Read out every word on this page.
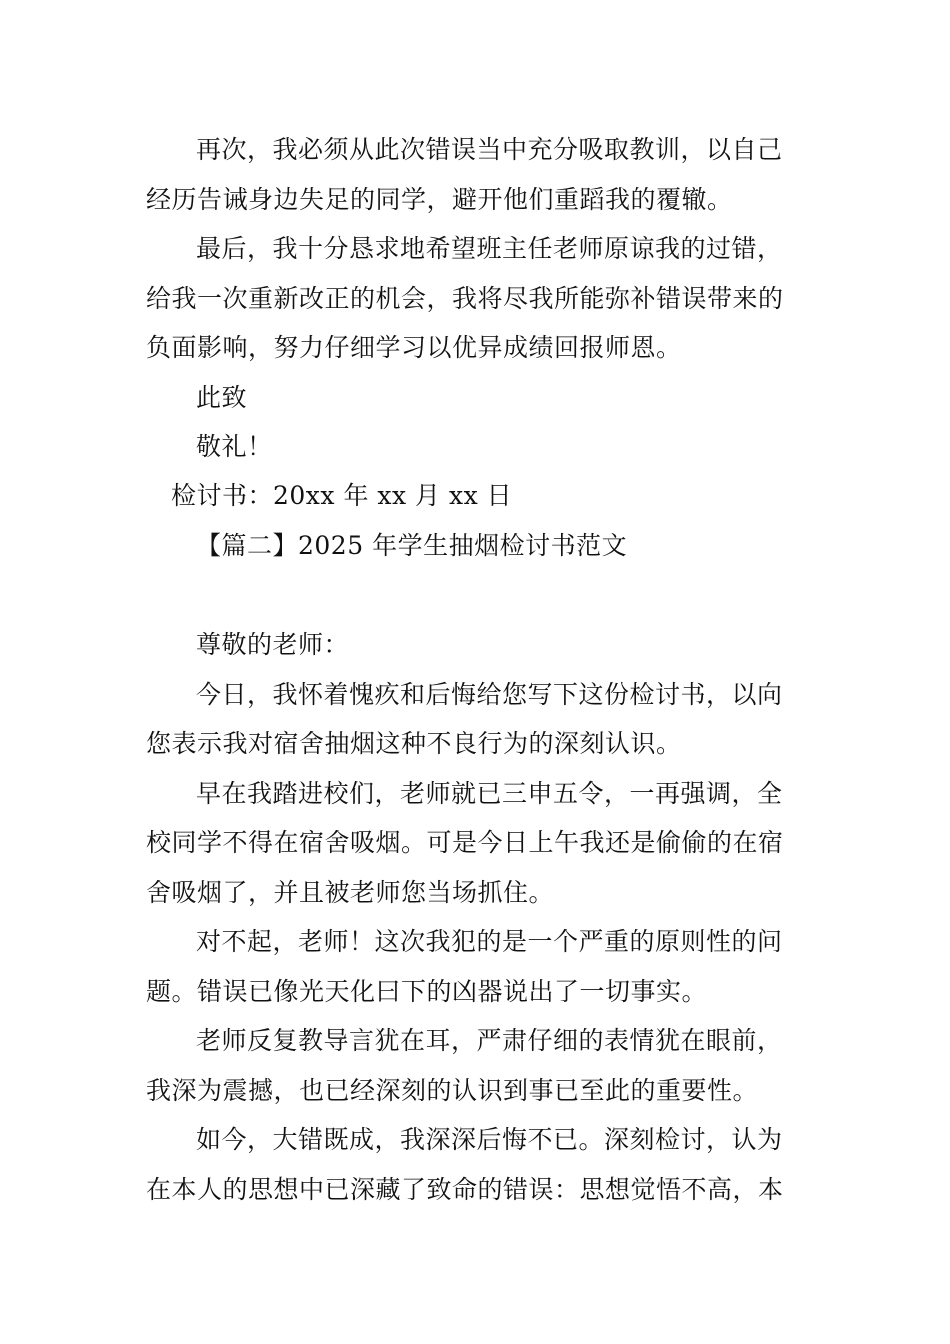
再次，我必须从此次错误当中充分吸取教训，以自己
经历告诫身边失足的同学，避开他们重蹈我的覆辙。
最后，我十分恳求地希望班主任老师原谅我的过错，
给我一次重新改正的机会，我将尽我所能弥补错误带来的
负面影响，努力仔细学习以优异成绩回报师恩。
此致
敬礼！
检讨书：20xx 年 xx 月 xx 日
【篇二】2025 年学生抽烟检讨书范文
尊敬的老师：
今日，我怀着愧疚和后悔给您写下这份检讨书，以向
您表示我对宿舍抽烟这种不良行为的深刻认识。
早在我踏进校们，老师就已三申五令，一再强调，全
校同学不得在宿舍吸烟。可是今日上午我还是偷偷的在宿
舍吸烟了，并且被老师您当场抓住。
对不起，老师！这次我犯的是一个严重的原则性的问
题。错误已像光天化曰下的凶器说出了一切事实。
老师反复教导言犹在耳，严肃仔细的表情犹在眼前，
我深为震撼，也已经深刻的认识到事已至此的重要性。
如今，大错既成，我深深后悔不已。深刻检讨，认为
在本人的思想中已深藏了致命的错误：思想觉悟不高，本
